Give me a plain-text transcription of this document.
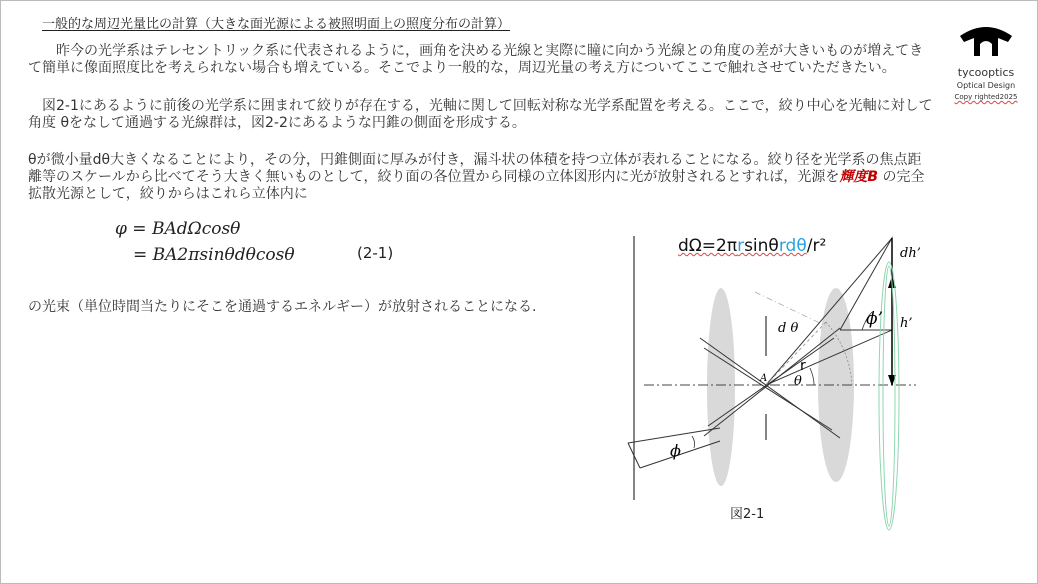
一般的な周辺光量比の計算（大きな面光源による被照明面上の照度分布の計算）
昨今の光学系はテレセントリック系に代表されるように，画角を決める光線と実際に瞳に向かう光線との角度の差が大きいものが増えてきて簡単に像面照度比を考えられない場合も増えている。そこでより一般的な，周辺光量の考え方についてここで触れさせていただきたい。
図2-1にあるように前後の光学系に囲まれて絞りが存在する，光軸に関して回転対称な光学系配置を考える。ここで，絞り中心を光軸に対して角度 θをなして通過する光線群は，図2-2にあるような円錐の側面を形成する。
θが微小量dθ大きくなることにより，その分，円錐側面に厚みが付き，漏斗状の体積を持つ立体が表れることになる。絞り径を光学系の焦点距離等のスケールから比べてそう大きく無いものとして，絞り面の各位置から同様の立体図形内に光が放射されるとすれば，光源を輝度B の完全拡散光源として，絞りからはこれら立体内に
φ = BAdΩcosθ
= BA2πsinθdθcosθ	(2-1)
の光束（単位時間当たりにそこを通過するエネルギー）が放射されることになる.
tycooptics
Optical Design
Copy righted2025
dh’
h’
ϕ’
d θ
r
θ
A
ϕ
dΩ=2πrsinθrdθ/r²
図2-1
